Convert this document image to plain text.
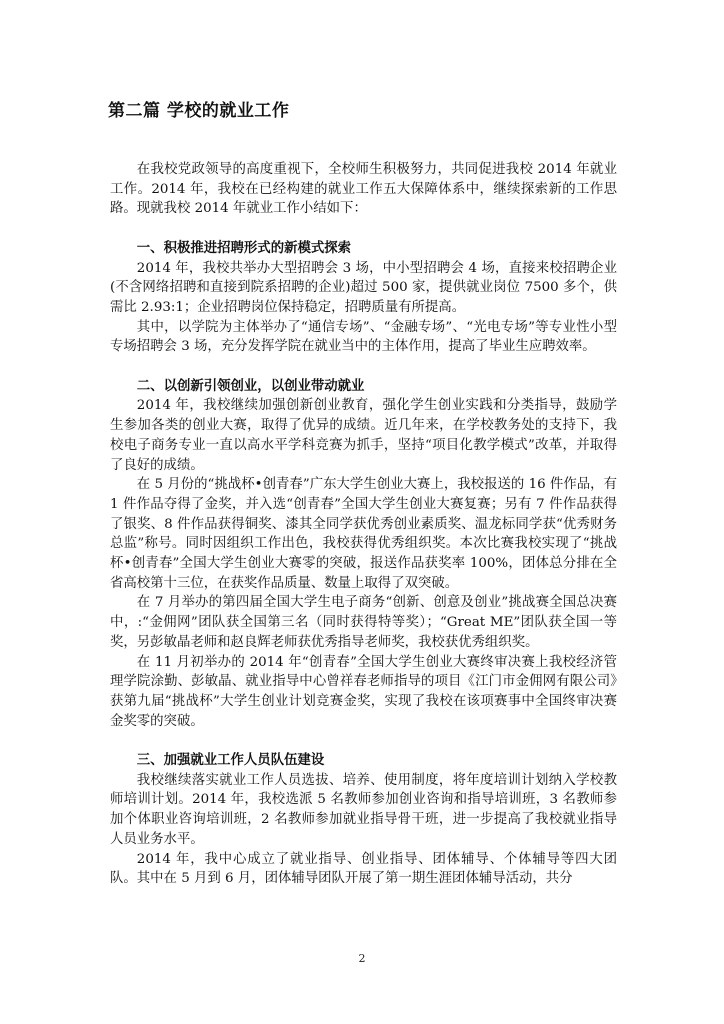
第二篇 学校的就业工作

在我校党政领导的高度重视下，全校师生积极努力，共同促进我校 2014 年就业工作。2014 年，我校在已经构建的就业工作五大保障体系中，继续探索新的工作思路。现就我校 2014 年就业工作小结如下：

一、积极推进招聘形式的新模式探索

2014 年，我校共举办大型招聘会 3 场，中小型招聘会 4 场，直接来校招聘企业(不含网络招聘和直接到院系招聘的企业)超过 500 家，提供就业岗位 7500 多个，供需比 2.93:1；企业招聘岗位保持稳定，招聘质量有所提高。

其中，以学院为主体举办了“通信专场”、“金融专场”、“光电专场”等专业性小型专场招聘会 3 场，充分发挥学院在就业当中的主体作用，提高了毕业生应聘效率。

二、以创新引领创业，以创业带动就业

2014 年，我校继续加强创新创业教育，强化学生创业实践和分类指导，鼓励学生参加各类的创业大赛，取得了优异的成绩。近几年来，在学校教务处的支持下，我校电子商务专业一直以高水平学科竞赛为抓手，坚持“项目化教学模式”改革，并取得了良好的成绩。

在 5 月份的“挑战杯•创青春”广东大学生创业大赛上，我校报送的 16 件作品，有 1 件作品夺得了金奖，并入选“创青春”全国大学生创业大赛复赛；另有 7 件作品获得了银奖、8 件作品获得铜奖、漆其全同学获优秀创业素质奖、温龙标同学获“优秀财务总监”称号。同时因组织工作出色，我校获得优秀组织奖。本次比赛我校实现了“挑战杯•创青春”全国大学生创业大赛零的突破，报送作品获奖率 100%，团体总分排在全省高校第十三位，在获奖作品质量、数量上取得了双突破。

在 7 月举办的第四届全国大学生电子商务“创新、创意及创业”挑战赛全国总决赛中，:“金佣网”团队获全国第三名（同时获得特等奖）；“Great ME”团队获全国一等奖，另彭敏晶老师和赵良辉老师获优秀指导老师奖，我校获优秀组织奖。

在 11 月初举办的 2014 年“创青春”全国大学生创业大赛终审决赛上我校经济管理学院涂勤、彭敏晶、就业指导中心曾祥春老师指导的项目《江门市金佣网有限公司》获第九届“挑战杯”大学生创业计划竞赛金奖，实现了我校在该项赛事中全国终审决赛金奖零的突破。

三、加强就业工作人员队伍建设

我校继续落实就业工作人员选拔、培养、使用制度，将年度培训计划纳入学校教师培训计划。2014 年，我校选派 5 名教师参加创业咨询和指导培训班，3 名教师参加个体职业咨询培训班，2 名教师参加就业指导骨干班，进一步提高了我校就业指导人员业务水平。

2014 年，我中心成立了就业指导、创业指导、团体辅导、个体辅导等四大团队。其中在 5 月到 6 月，团体辅导团队开展了第一期生涯团体辅导活动，共分

2
